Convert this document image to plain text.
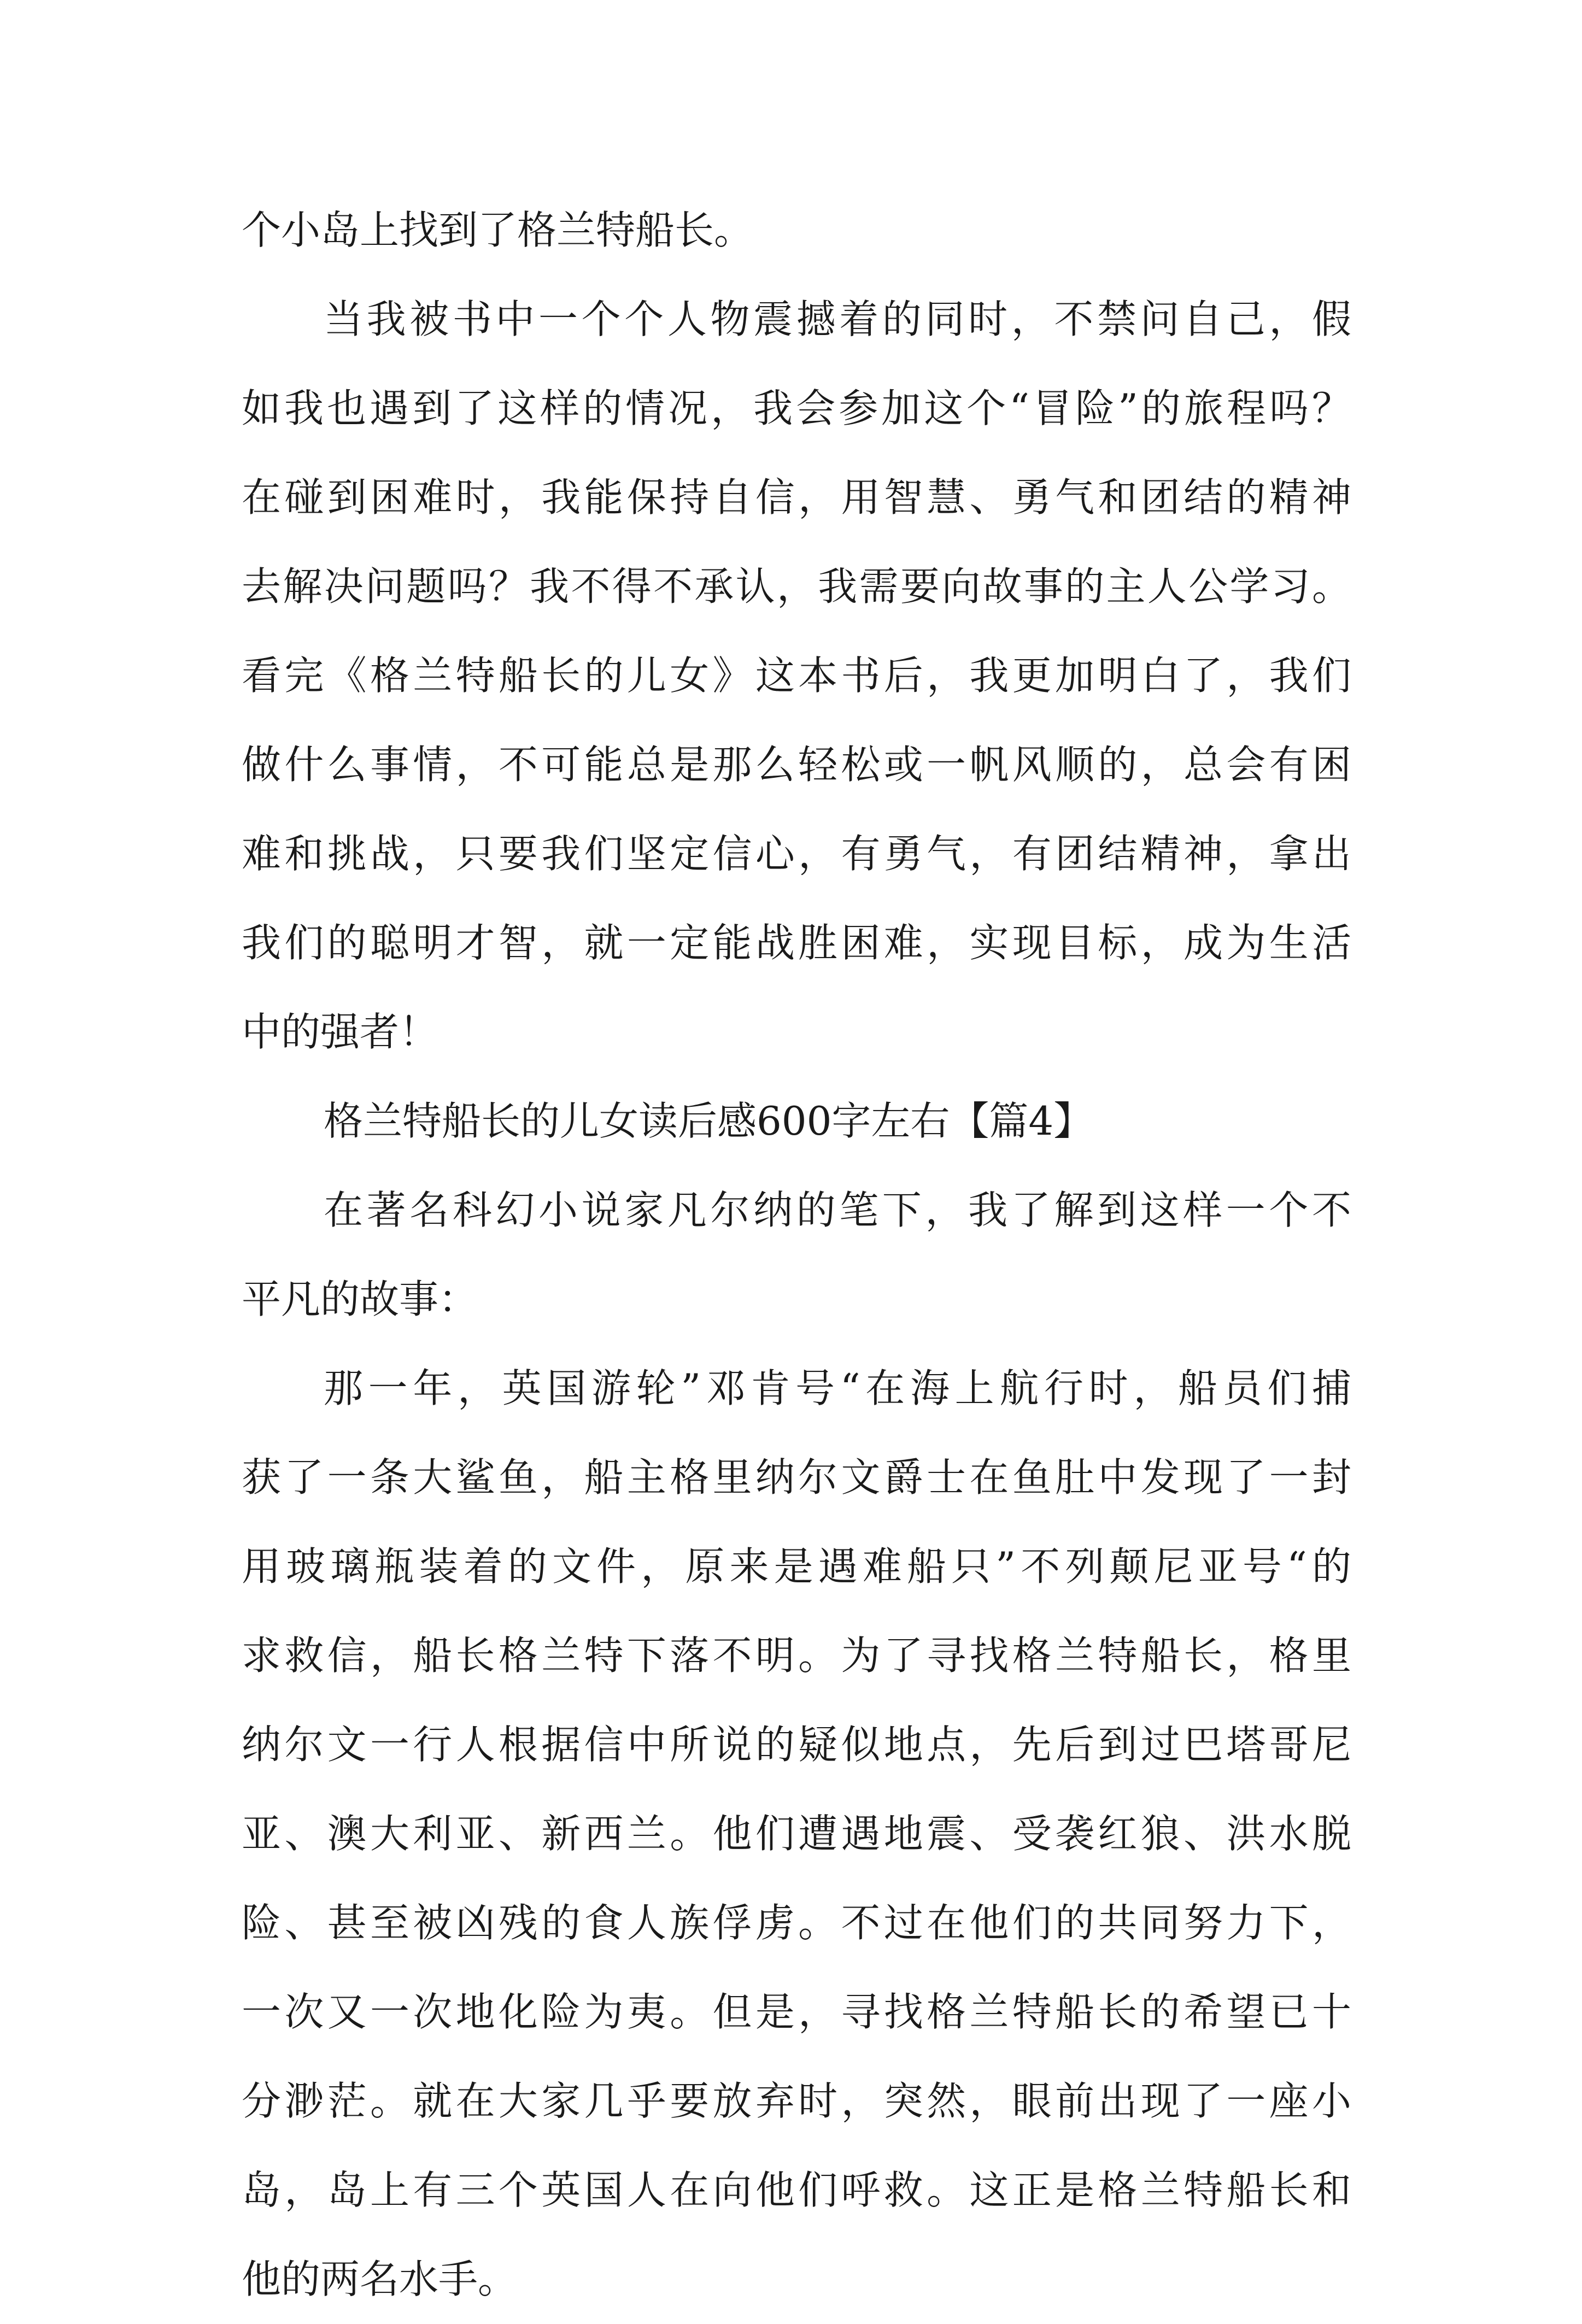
个小岛上找到了格兰特船长。
当我被书中一个个人物震撼着的同时，不禁问自己，假
如我也遇到了这样的情况，我会参加这个“冒险”的旅程吗？
在碰到困难时，我能保持自信，用智慧、勇气和团结的精神
去解决问题吗？我不得不承认，我需要向故事的主人公学习。
看完《格兰特船长的儿女》这本书后，我更加明白了，我们
做什么事情，不可能总是那么轻松或一帆风顺的，总会有困
难和挑战，只要我们坚定信心，有勇气，有团结精神，拿出
我们的聪明才智，就一定能战胜困难，实现目标，成为生活
中的强者！
格兰特船长的儿女读后感600字左右【篇4】
在著名科幻小说家凡尔纳的笔下，我了解到这样一个不
平凡的故事：
那一年，英国游轮”邓肯号“在海上航行时，船员们捕
获了一条大鲨鱼，船主格里纳尔文爵士在鱼肚中发现了一封
用玻璃瓶装着的文件，原来是遇难船只”不列颠尼亚号“的
求救信，船长格兰特下落不明。为了寻找格兰特船长，格里
纳尔文一行人根据信中所说的疑似地点，先后到过巴塔哥尼
亚、澳大利亚、新西兰。他们遭遇地震、受袭红狼、洪水脱
险、甚至被凶残的食人族俘虏。不过在他们的共同努力下，
一次又一次地化险为夷。但是，寻找格兰特船长的希望已十
分渺茫。就在大家几乎要放弃时，突然，眼前出现了一座小
岛，岛上有三个英国人在向他们呼救。这正是格兰特船长和
他的两名水手。
